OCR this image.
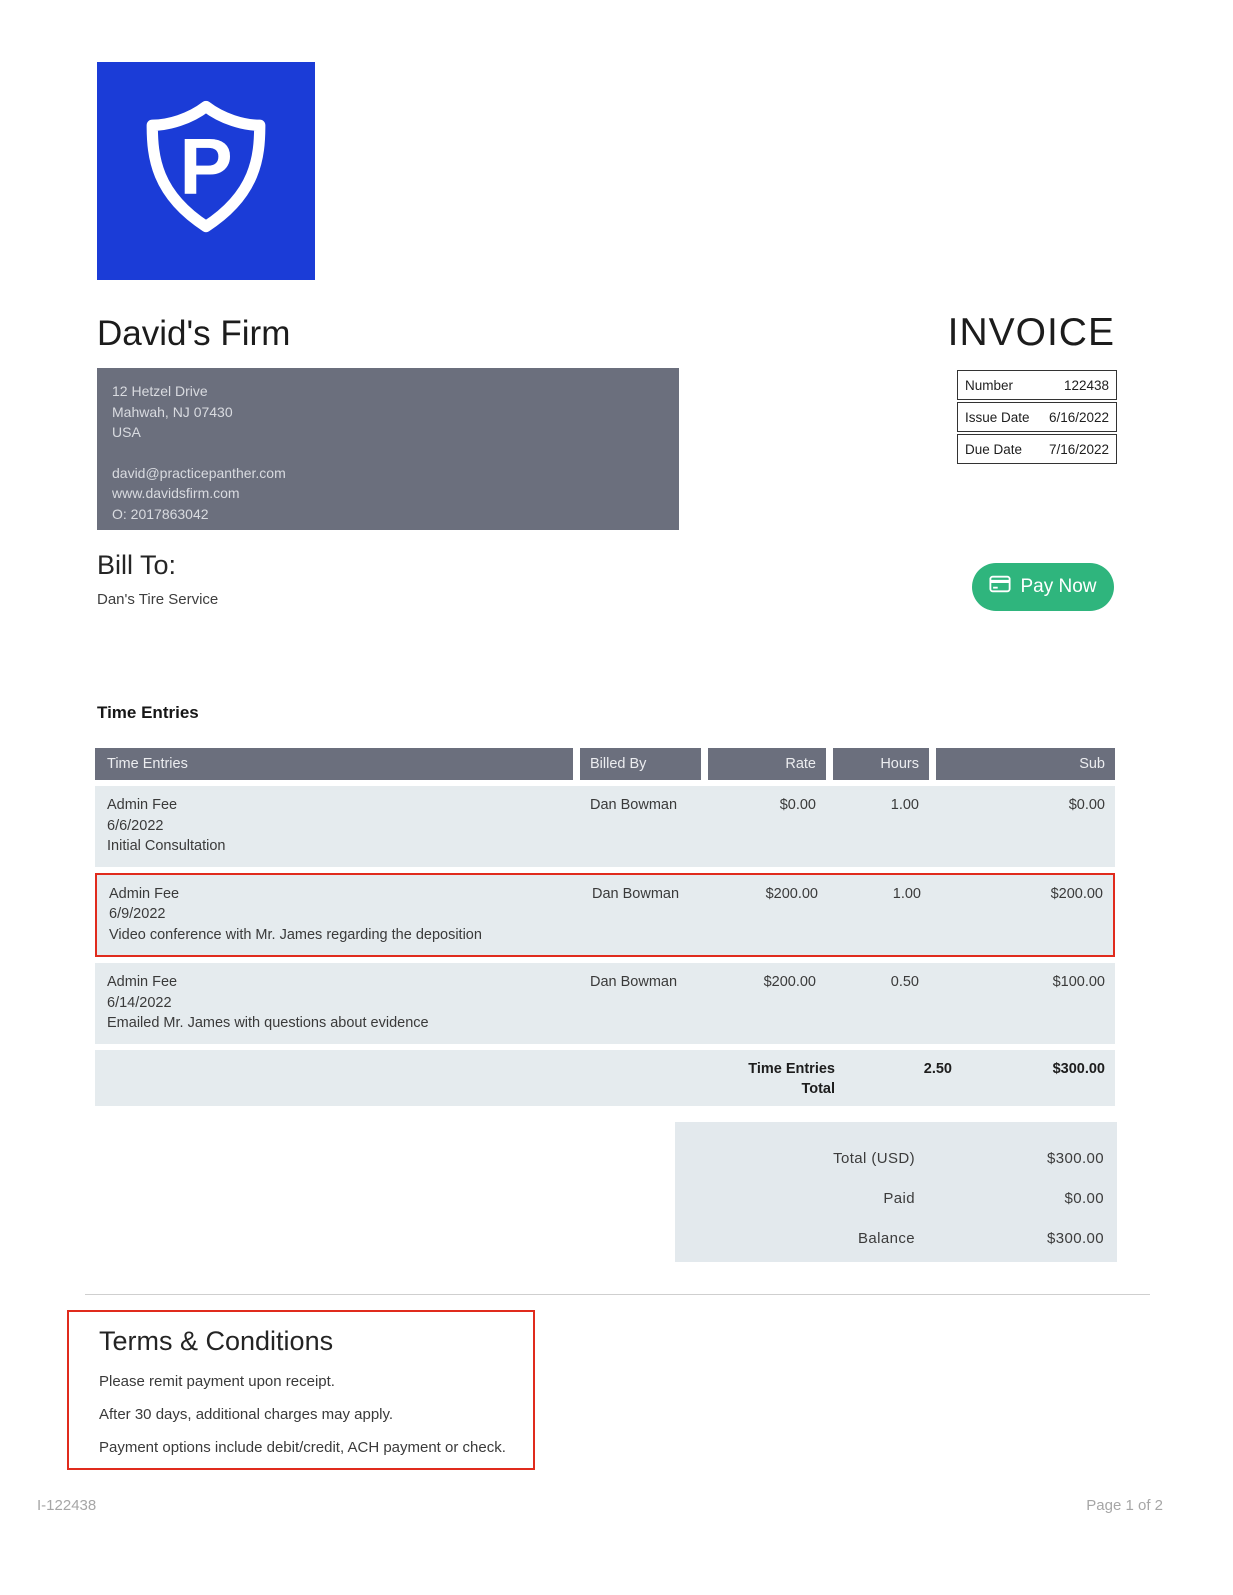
P
David's Firm	INVOICE
12 Hetzel Drive
Mahwah, NJ 07430
USA
david@practicepanther.com
www.davidsfirm.com
O: 2017863042
Number	122438
Issue Date 6/16/2022
Due Date 7/16/2022
Bill To:
Dan's Tire Service
Pay Now
Time Entries
Time Entries	Billed By	Rate	Hours	Sub
Admin Fee
6/6/2022
Initial Consultation
Dan Bowman	$0.00	1.00	$0.00
Admin Fee
6/9/2022
Video conference with Mr. James regarding the deposition
Dan Bowman	$200.00	1.00	$200.00
Admin Fee
6/14/2022
Emailed Mr. James with questions about evidence
Dan Bowman	$200.00	0.50	$100.00
Time Entries Total
2.50	$300.00
Total (USD)	$300.00
Paid	$0.00
Balance	$300.00
Terms & Conditions
Please remit payment upon receipt.
After 30 days, additional charges may apply.
Payment options include debit/credit, ACH payment or check.
I-122438	Page 1 of 2
